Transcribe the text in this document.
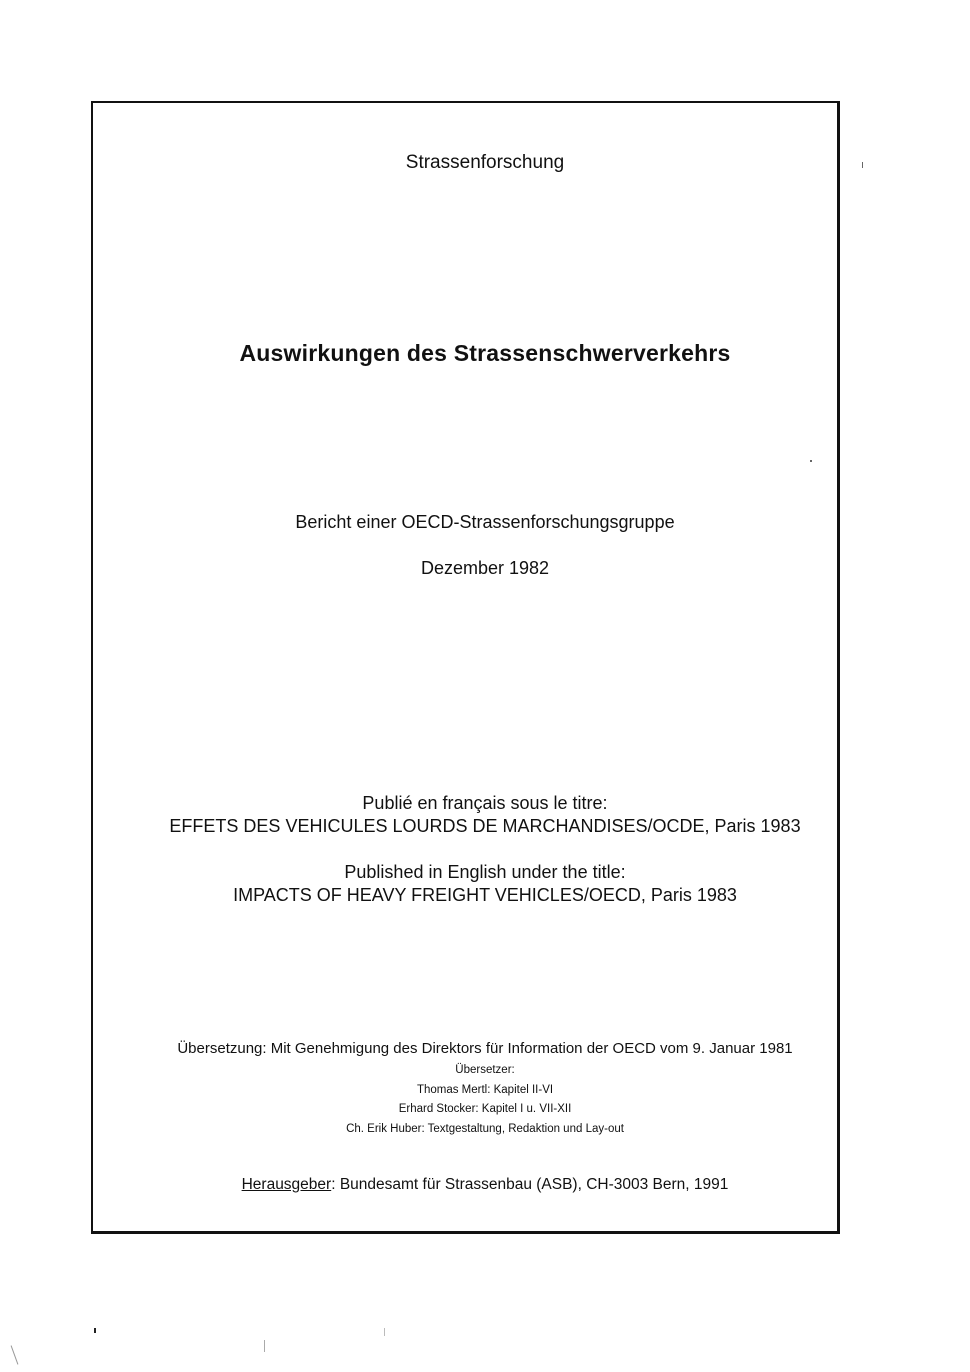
Strassenforschung
Auswirkungen des Strassenschwerverkehrs
Bericht einer OECD-Strassenforschungsgruppe
Dezember 1982
Publié en français sous le titre:
EFFETS DES VEHICULES LOURDS DE MARCHANDISES/OCDE, Paris 1983
Published in English under the title:
IMPACTS OF HEAVY FREIGHT VEHICLES/OECD, Paris 1983
Übersetzung: Mit Genehmigung des Direktors für Information der OECD vom 9. Januar 1981
Übersetzer:
Thomas Mertl: Kapitel II-VI
Erhard Stocker: Kapitel I u. VII-XII
Ch. Erik Huber: Textgestaltung, Redaktion und Lay-out
Herausgeber: Bundesamt für Strassenbau (ASB), CH-3003 Bern, 1991
